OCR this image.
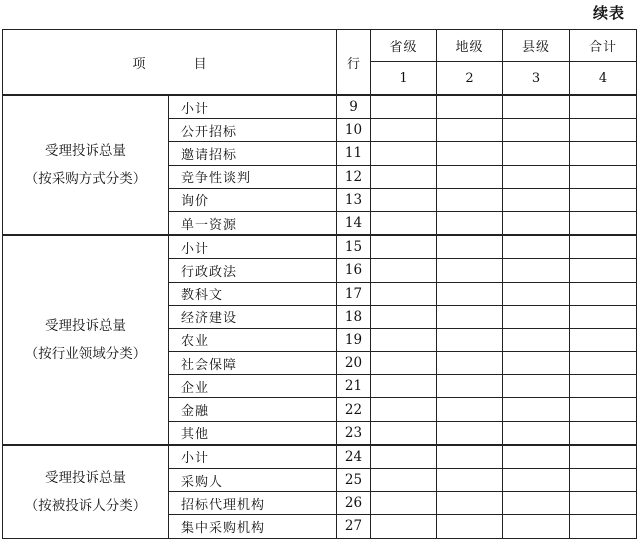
续表
项 目		行	省级	地级	县级	合计
			1	2	3	4

受理投诉总量
（按采购方式分类）	小计	9				
	公开招标	10				
	邀请招标	11				
	竞争性谈判	12				
	询价	13				
	单一资源	14				

受理投诉总量
（按行业领域分类）	小计	15				
	行政政法	16				
	教科文	17				
	经济建设	18				
	农业	19				
	社会保障	20				
	企业	21				
	金融	22				
	其他	23				

受理投诉总量
（按被投诉人分类）	小计	24				
	采购人	25				
	招标代理机构	26				
	集中采购机构	27				
